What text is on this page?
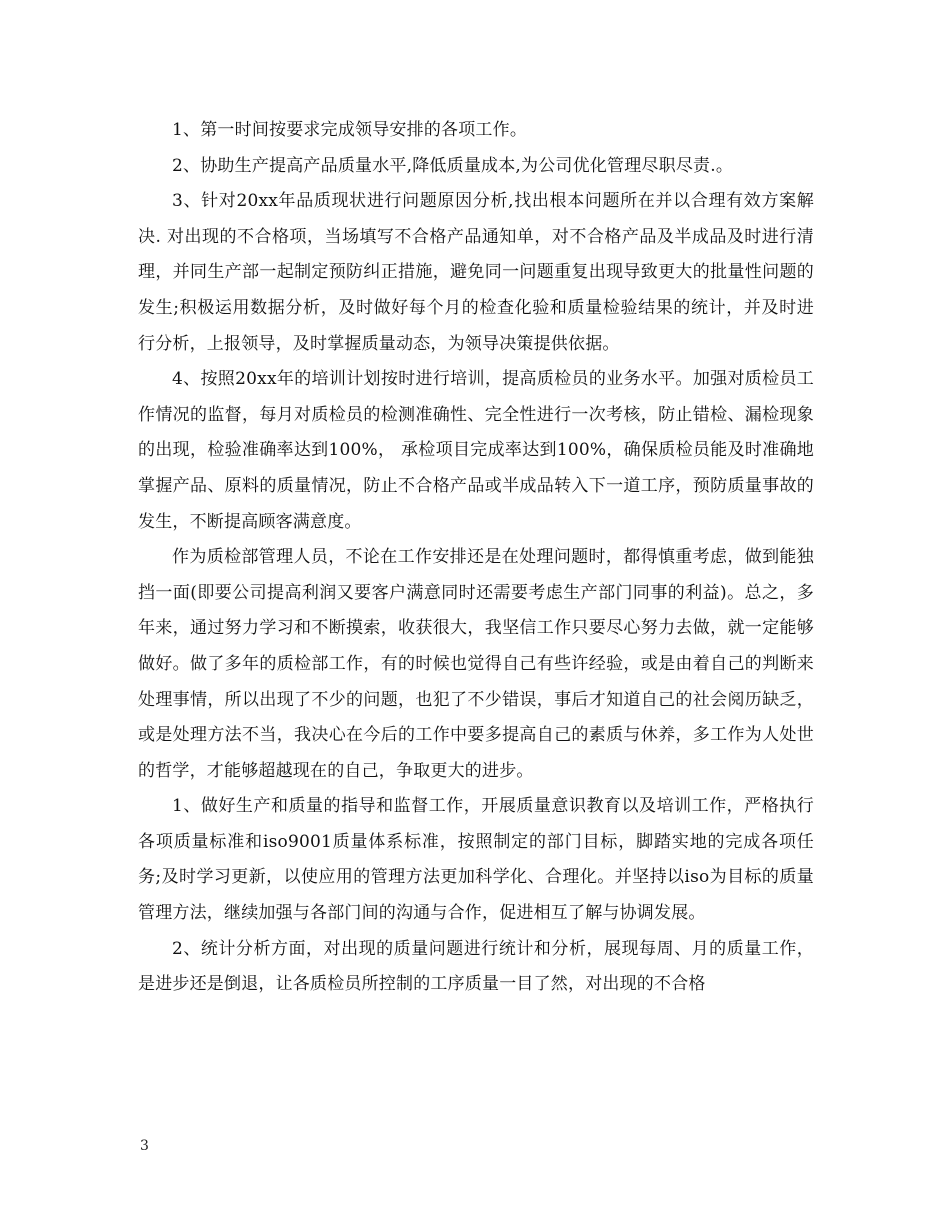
1、第一时间按要求完成领导安排的各项工作。

2、协助生产提高产品质量水平,降低质量成本,为公司优化管理尽职尽责.。

3、针对20xx年品质现状进行问题原因分析,找出根本问题所在并以合理有效方案解决. 对出现的不合格项，当场填写不合格产品通知单，对不合格产品及半成品及时进行清理，并同生产部一起制定预防纠正措施，避免同一问题重复出现导致更大的批量性问题的发生;积极运用数据分析，及时做好每个月的检查化验和质量检验结果的统计，并及时进行分析，上报领导，及时掌握质量动态，为领导决策提供依据。

4、按照20xx年的培训计划按时进行培训，提高质检员的业务水平。加强对质检员工作情况的监督，每月对质检员的检测准确性、完全性进行一次考核，防止错检、漏检现象的出现，检验准确率达到100%， 承检项目完成率达到100%，确保质检员能及时准确地掌握产品、原料的质量情况，防止不合格产品或半成品转入下一道工序，预防质量事故的发生，不断提高顾客满意度。

作为质检部管理人员，不论在工作安排还是在处理问题时，都得慎重考虑，做到能独挡一面(即要公司提高利润又要客户满意同时还需要考虑生产部门同事的利益)。总之，多年来，通过努力学习和不断摸索，收获很大，我坚信工作只要尽心努力去做，就一定能够做好。做了多年的质检部工作，有的时候也觉得自己有些许经验，或是由着自己的判断来处理事情，所以出现了不少的问题，也犯了不少错误，事后才知道自己的社会阅历缺乏，或是处理方法不当，我决心在今后的工作中要多提高自己的素质与休养，多工作为人处世的哲学，才能够超越现在的自己，争取更大的进步。

1、做好生产和质量的指导和监督工作，开展质量意识教育以及培训工作，严格执行各项质量标准和iso9001质量体系标准，按照制定的部门目标，脚踏实地的完成各项任务;及时学习更新，以使应用的管理方法更加科学化、合理化。并坚持以iso为目标的质量管理方法，继续加强与各部门间的沟通与合作，促进相互了解与协调发展。

2、统计分析方面，对出现的质量问题进行统计和分析，展现每周、月的质量工作，是进步还是倒退，让各质检员所控制的工序质量一目了然，对出现的不合格

3
